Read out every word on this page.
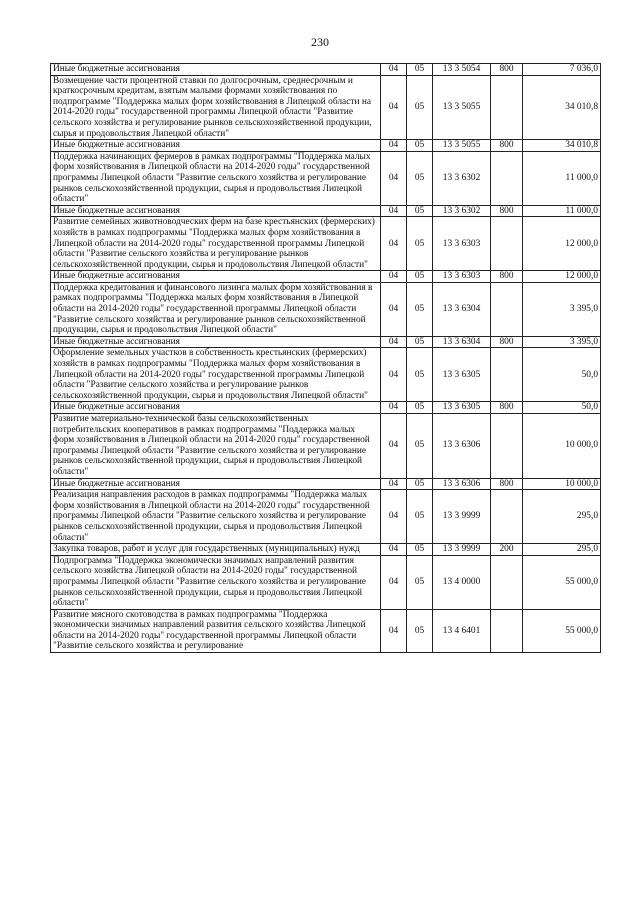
230
Иные бюджетные ассигнования	04	05	13 3 5054	800	7 036,0
Возмещение части процентной ставки по долгосрочным, среднесрочным и краткосрочным кредитам, взятым малыми формами хозяйствования по подпрограмме "Поддержка малых форм хозяйствования в Липецкой области на 2014-2020 годы" государственной программы Липецкой области "Развитие сельского хозяйства и регулирование рынков сельскохозяйственной продукции, сырья и продовольствия Липецкой области"	04	05	13 3 5055		34 010,8
Иные бюджетные ассигнования	04	05	13 3 5055	800	34 010,8
Поддержка начинающих фермеров в рамках подпрограммы "Поддержка малых форм хозяйствования в Липецкой области на 2014-2020 годы" государственной программы Липецкой области "Развитие сельского хозяйства и регулирование рынков сельскохозяйственной продукции, сырья и продовольствия Липецкой области"	04	05	13 3 6302		11 000,0
Иные бюджетные ассигнования	04	05	13 3 6302	800	11 000,0
Развитие семейных животноводческих ферм на базе крестьянских (фермерских) хозяйств в рамках подпрограммы "Поддержка малых форм хозяйствования в Липецкой области на 2014-2020 годы" государственной программы Липецкой области "Развитие сельского хозяйства и регулирование рынков сельскохозяйственной продукции, сырья и продовольствия Липецкой области"	04	05	13 3 6303		12 000,0
Иные бюджетные ассигнования	04	05	13 3 6303	800	12 000,0
Поддержка кредитования и финансового лизинга малых форм хозяйствования в рамках подпрограммы "Поддержка малых форм хозяйствования в Липецкой области на 2014-2020 годы" государственной программы Липецкой области "Развитие сельского хозяйства и регулирование рынков сельскохозяйственной продукции, сырья и продовольствия Липецкой области"	04	05	13 3 6304		3 395,0
Иные бюджетные ассигнования	04	05	13 3 6304	800	3 395,0
Оформление земельных участков в собственность крестьянских (фермерских) хозяйств в рамках подпрограммы "Поддержка малых форм хозяйствования в Липецкой области на 2014-2020 годы" государственной программы Липецкой области "Развитие сельского хозяйства и регулирование рынков сельскохозяйственной продукции, сырья и продовольствия Липецкой области"	04	05	13 3 6305		50,0
Иные бюджетные ассигнования	04	05	13 3 6305	800	50,0
Развитие материально-технической базы сельскохозяйственных потребительских кооперативов в рамках подпрограммы "Поддержка малых форм хозяйствования в Липецкой области на 2014-2020 годы" государственной программы Липецкой области "Развитие сельского хозяйства и регулирование рынков сельскохозяйственной продукции, сырья и продовольствия Липецкой области"	04	05	13 3 6306		10 000,0
Иные бюджетные ассигнования	04	05	13 3 6306	800	10 000,0
Реализация направления расходов в рамках подпрограммы "Поддержка малых форм хозяйствования в Липецкой области на 2014-2020 годы" государственной программы Липецкой области "Развитие сельского хозяйства и регулирование рынков сельскохозяйственной продукции, сырья и продовольствия Липецкой области"	04	05	13 3 9999		295,0
Закупка товаров, работ и услуг для государственных (муниципальных) нужд	04	05	13 3 9999	200	295,0
Подпрограмма "Поддержка экономически значимых направлений развития сельского хозяйства Липецкой области на 2014-2020 годы" государственной программы Липецкой области "Развитие сельского хозяйства и регулирование рынков сельскохозяйственной продукции, сырья и продовольствия Липецкой области"	04	05	13 4 0000		55 000,0
Развитие мясного скотоводства в рамках подпрограммы "Поддержка экономически значимых направлений развития сельского хозяйства Липецкой области на 2014-2020 годы" государственной программы Липецкой области "Развитие сельского хозяйства и регулирование	04	05	13 4 6401		55 000,0
